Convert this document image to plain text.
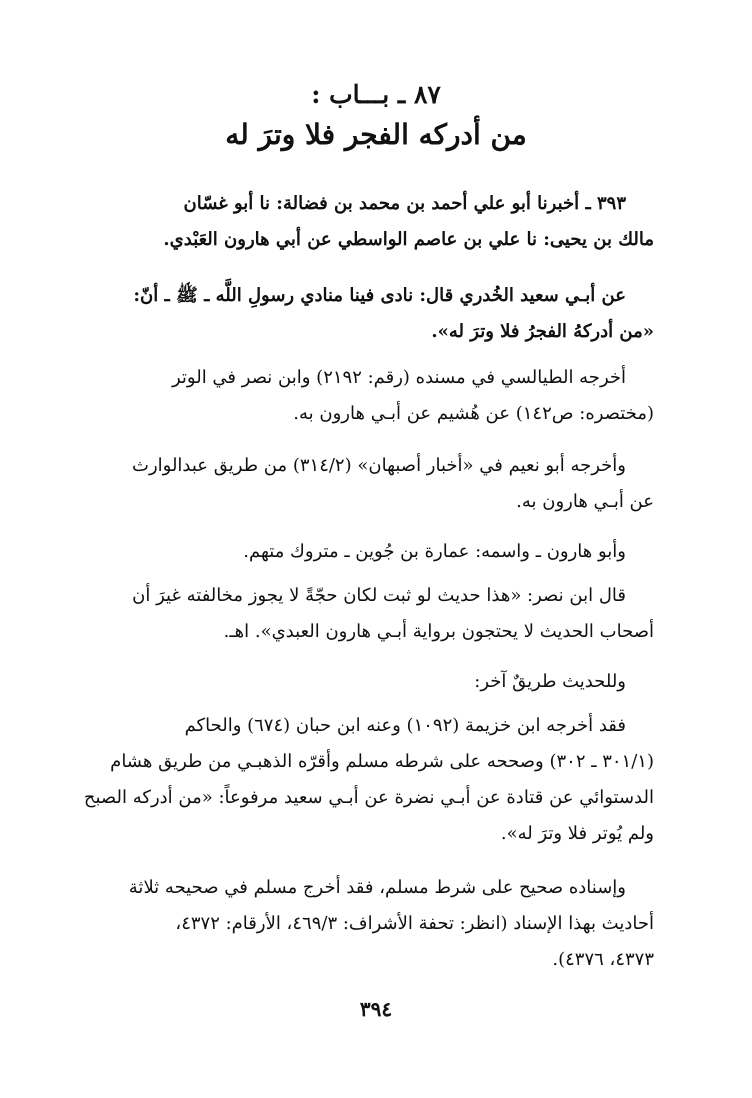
٨٧ ـ بـــاب :
من أدركه الفجر فلا وترَ له
٣٩٣ ـ أخبرنا أبو علي أحمد بن محمد بن فضالة: نا أبو غسّان
مالك بن يحيى: نا علي بن عاصم الواسطي عن أبي هارون العَبْدي.
عن أبـي سعيد الخُدري قال: نادى فينا منادي رسولِ اللَّه ـ ﷺ ـ أنّ:
«من أدركهُ الفجرُ فلا وترَ له».
أخرجه الطيالسي في مسنده (رقم: ٢١٩٢) وابن نصر في الوتر
(مختصره: ص١٤٢) عن هُشيم عن أبـي هارون به.
وأخرجه أبو نعيم في «أخبار أصبهان» (٣١٤/٢) من طريق عبدالوارث
عن أبـي هارون به.
وأبو هارون ـ واسمه: عمارة بن جُوين ـ متروك متهم.
قال ابن نصر: «هذا حديث لو ثبت لكان حجّةً لا يجوز مخالفته غيرَ أن
أصحاب الحديث لا يحتجون برواية أبـي هارون العبدي». اهـ.
وللحديث طريقٌ آخر:
فقد أخرجه ابن خزيمة (١٠٩٢) وعنه ابن حبان (٦٧٤) والحاكم
(٣٠١/١ ـ ٣٠٢) وصححه على شرطه مسلم وأقرّه الذهبـي من طريق هشام
الدستوائي عن قتادة عن أبـي نضرة عن أبـي سعيد مرفوعاً: «من أدركه الصبح
ولم يُوتر فلا وترَ له».
وإسناده صحيح على شرط مسلم، فقد أخرج مسلم في صحيحه ثلاثة
أحاديث بهذا الإسناد (انظر: تحفة الأشراف: ٤٦٩/٣، الأرقام: ٤٣٧٢،
٤٣٧٣، ٤٣٧٦).
٣٩٤
